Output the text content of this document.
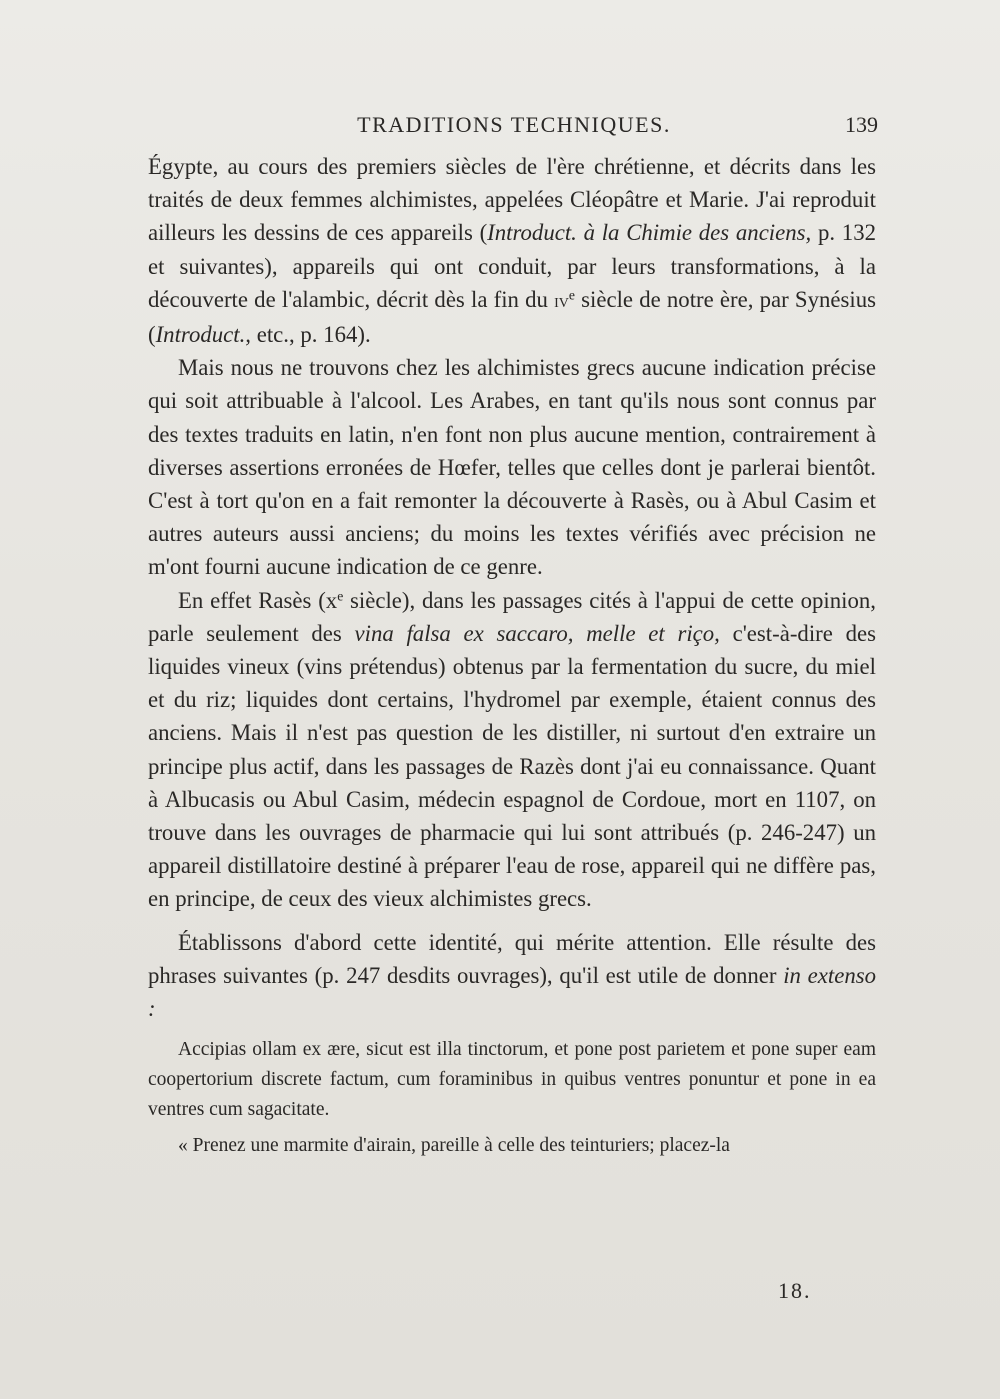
TRADITIONS TECHNIQUES.	139

Égypte, au cours des premiers siècles de l'ère chrétienne, et décrits dans les traités de deux femmes alchimistes, appelées Cléopâtre et Marie. J'ai reproduit ailleurs les dessins de ces appareils (Introduct. à la Chimie des anciens, p. 132 et suivantes), appareils qui ont conduit, par leurs transformations, à la découverte de l'alambic, décrit dès la fin du $iv^e$ siècle de notre ère, par Synésius (Introduct., etc., p. 164).

Mais nous ne trouvons chez les alchimistes grecs aucune indication précise qui soit attribuable à l'alcool. Les Arabes, en tant qu'ils nous sont connus par des textes traduits en latin, n'en font non plus aucune mention, contrairement à diverses assertions erronées de Hœfer, telles que celles dont je parlerai bientôt. C'est à tort qu'on en a fait remonter la découverte à Rasès, ou à Abul Casim et autres auteurs aussi anciens; du moins les textes vérifiés avec précision ne m'ont fourni aucune indication de ce genre.

En effet Rasès ($x^e$ siècle), dans les passages cités à l'appui de cette opinion, parle seulement des vina falsa ex saccaro, melle et riço, c'est-à-dire des liquides vineux (vins prétendus) obtenus par la fermentation du sucre, du miel et du riz; liquides dont certains, l'hydromel par exemple, étaient connus des anciens. Mais il n'est pas question de les distiller, ni surtout d'en extraire un principe plus actif, dans les passages de Razès dont j'ai eu connaissance. Quant à Albucasis ou Abul Casim, médecin espagnol de Cordoue, mort en 1107, on trouve dans les ouvrages de pharmacie qui lui sont attribués (p. 246-247) un appareil distillatoire destiné à préparer l'eau de rose, appareil qui ne diffère pas, en principe, de ceux des vieux alchimistes grecs.

Établissons d'abord cette identité, qui mérite attention. Elle résulte des phrases suivantes (p. 247 desdits ouvrages), qu'il est utile de donner in extenso :

Accipias ollam ex ære, sicut est illa tinctorum, et pone post parietem et pone super eam coopertorium discrete factum, cum foraminibus in quibus ventres ponuntur et pone in ea ventres cum sagacitate.

« Prenez une marmite d'airain, pareille à celle des teinturiers; placez-la

18.
